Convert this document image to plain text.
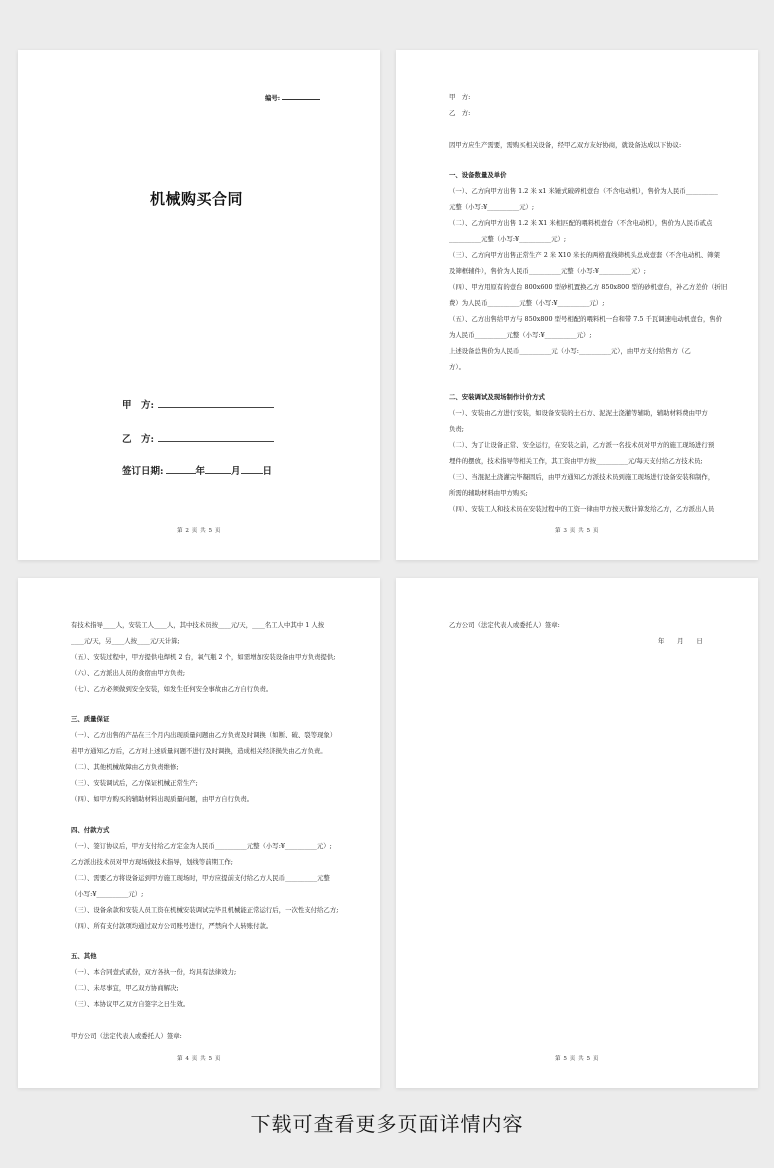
编号:
机械购买合同
甲　方:
乙　方:
签订日期:	年	月 日
第 2 页 共 5 页
甲　方:
乙　方:
因甲方应生产需要，需购买相关设备，经甲乙双方友好协商，就设备达成以下协议:
一、设备数量及单价
（一）、乙方向甲方出售 1.2 米 x1 米锤式破碎机壹台（不含电动机），售价为人民币__________
元整（小写:¥__________元）;
（二）、乙方向甲方出售 1.2 米 X1 米相匹配的喂料机壹台（不含电动机），售价为人民币贰点
__________元整（小写:¥__________元）;
（三）、乙方向甲方出售正常生产 2 米 X10 米长的两格直线筛机头总成壹套（不含电动机、筛架
及筛框辅件），售价为人民币__________元整（小写:¥__________元）;
（四）、甲方用原有的壹台 800x600 型砂机置换乙方 850x800 型的砂机壹台，补乙方差价（折旧
费）为人民币__________元整（小写:¥__________元）;
（五）、乙方出售给甲方与 850x800 型号相配的喂料机一台和带 7.5 千瓦调速电动机壹台，售价
为人民币__________元整（小写:¥__________元）;
上述设备总售价为人民币__________元（小写:__________元），由甲方支付给售方（乙
方）。
二、安装调试及现场制作计价方式
（一）、安装由乙方进行安装，如设备安装的土石方、泥泥土浇灌等辅助，辅助材料费由甲方
负责;
（二）、为了让设备正常、安全运行，在安装之前，乙方派一名技术员对甲方的施工现场进行预
埋件的摆放，技术指导等相关工作，其工资由甲方按__________元/每天支付给乙方技术员;
（三）、当混泥土浇灌完毕凝固后，由甲方通知乙方派技术员到施工现场进行设备安装和制作，
所需的辅助材料由甲方购买;
（四）、安装工人和技术员在安装过程中的工资一律由甲方按天数计算发给乙方，乙方派出人员
第 3 页 共 5 页
有技术指导____人，安装工人____人，其中技术员按____元/天，____名工人中其中 1 人按
____元/天，另____人按____元/天计算;
（五）、安装过程中，甲方提供电焊机 2 台，氧气瓶 2 个，如需增加安装设备由甲方负责提供;
（六）、乙方派出人员的食宿由甲方负责;
（七）、乙方必须做到安全安装，如发生任何安全事故由乙方自行负责。
三、质量保证
（一）、乙方出售的产品在三个月内出现质量问题由乙方负责及时调换（如断、破、裂等现象）
若甲方通知乙方后，乙方对上述质量问题不进行及时调换，造成相关经济损失由乙方负责。
（二）、其他机械故障由乙方负责维修;
（三）、安装调试后，乙方保证机械正常生产;
（四）、如甲方购买的辅助材料出现质量问题，由甲方自行负责。
四、付款方式
（一）、签订协议后，甲方支付给乙方定金为人民币__________元整（小写:¥__________元）;
乙方派出技术员对甲方现场做技术指导，划线等前期工作;
（二）、需要乙方将设备运到甲方施工现场时，甲方应提前支付给乙方人民币__________元整
（小写:¥__________元）;
（三）、设备余款和安装人员工资在机械安装调试完毕且机械能正常运行后，一次性支付给乙方;
（四）、所有支付款项均通过双方公司账号进行，严禁向个人转账付款。
五、其他
（一）、本合同壹式贰份，双方各执一份，均具有法律效力;
（二）、未尽事宜，甲乙双方协商解决;
（三）、本协议甲乙双方自签字之日生效。
甲方公司（法定代表人或委托人）签章:
第 4 页 共 5 页
乙方公司（法定代表人或委托人）签章:
年　　月　　日
第 5 页 共 5 页
下载可查看更多页面详情内容
